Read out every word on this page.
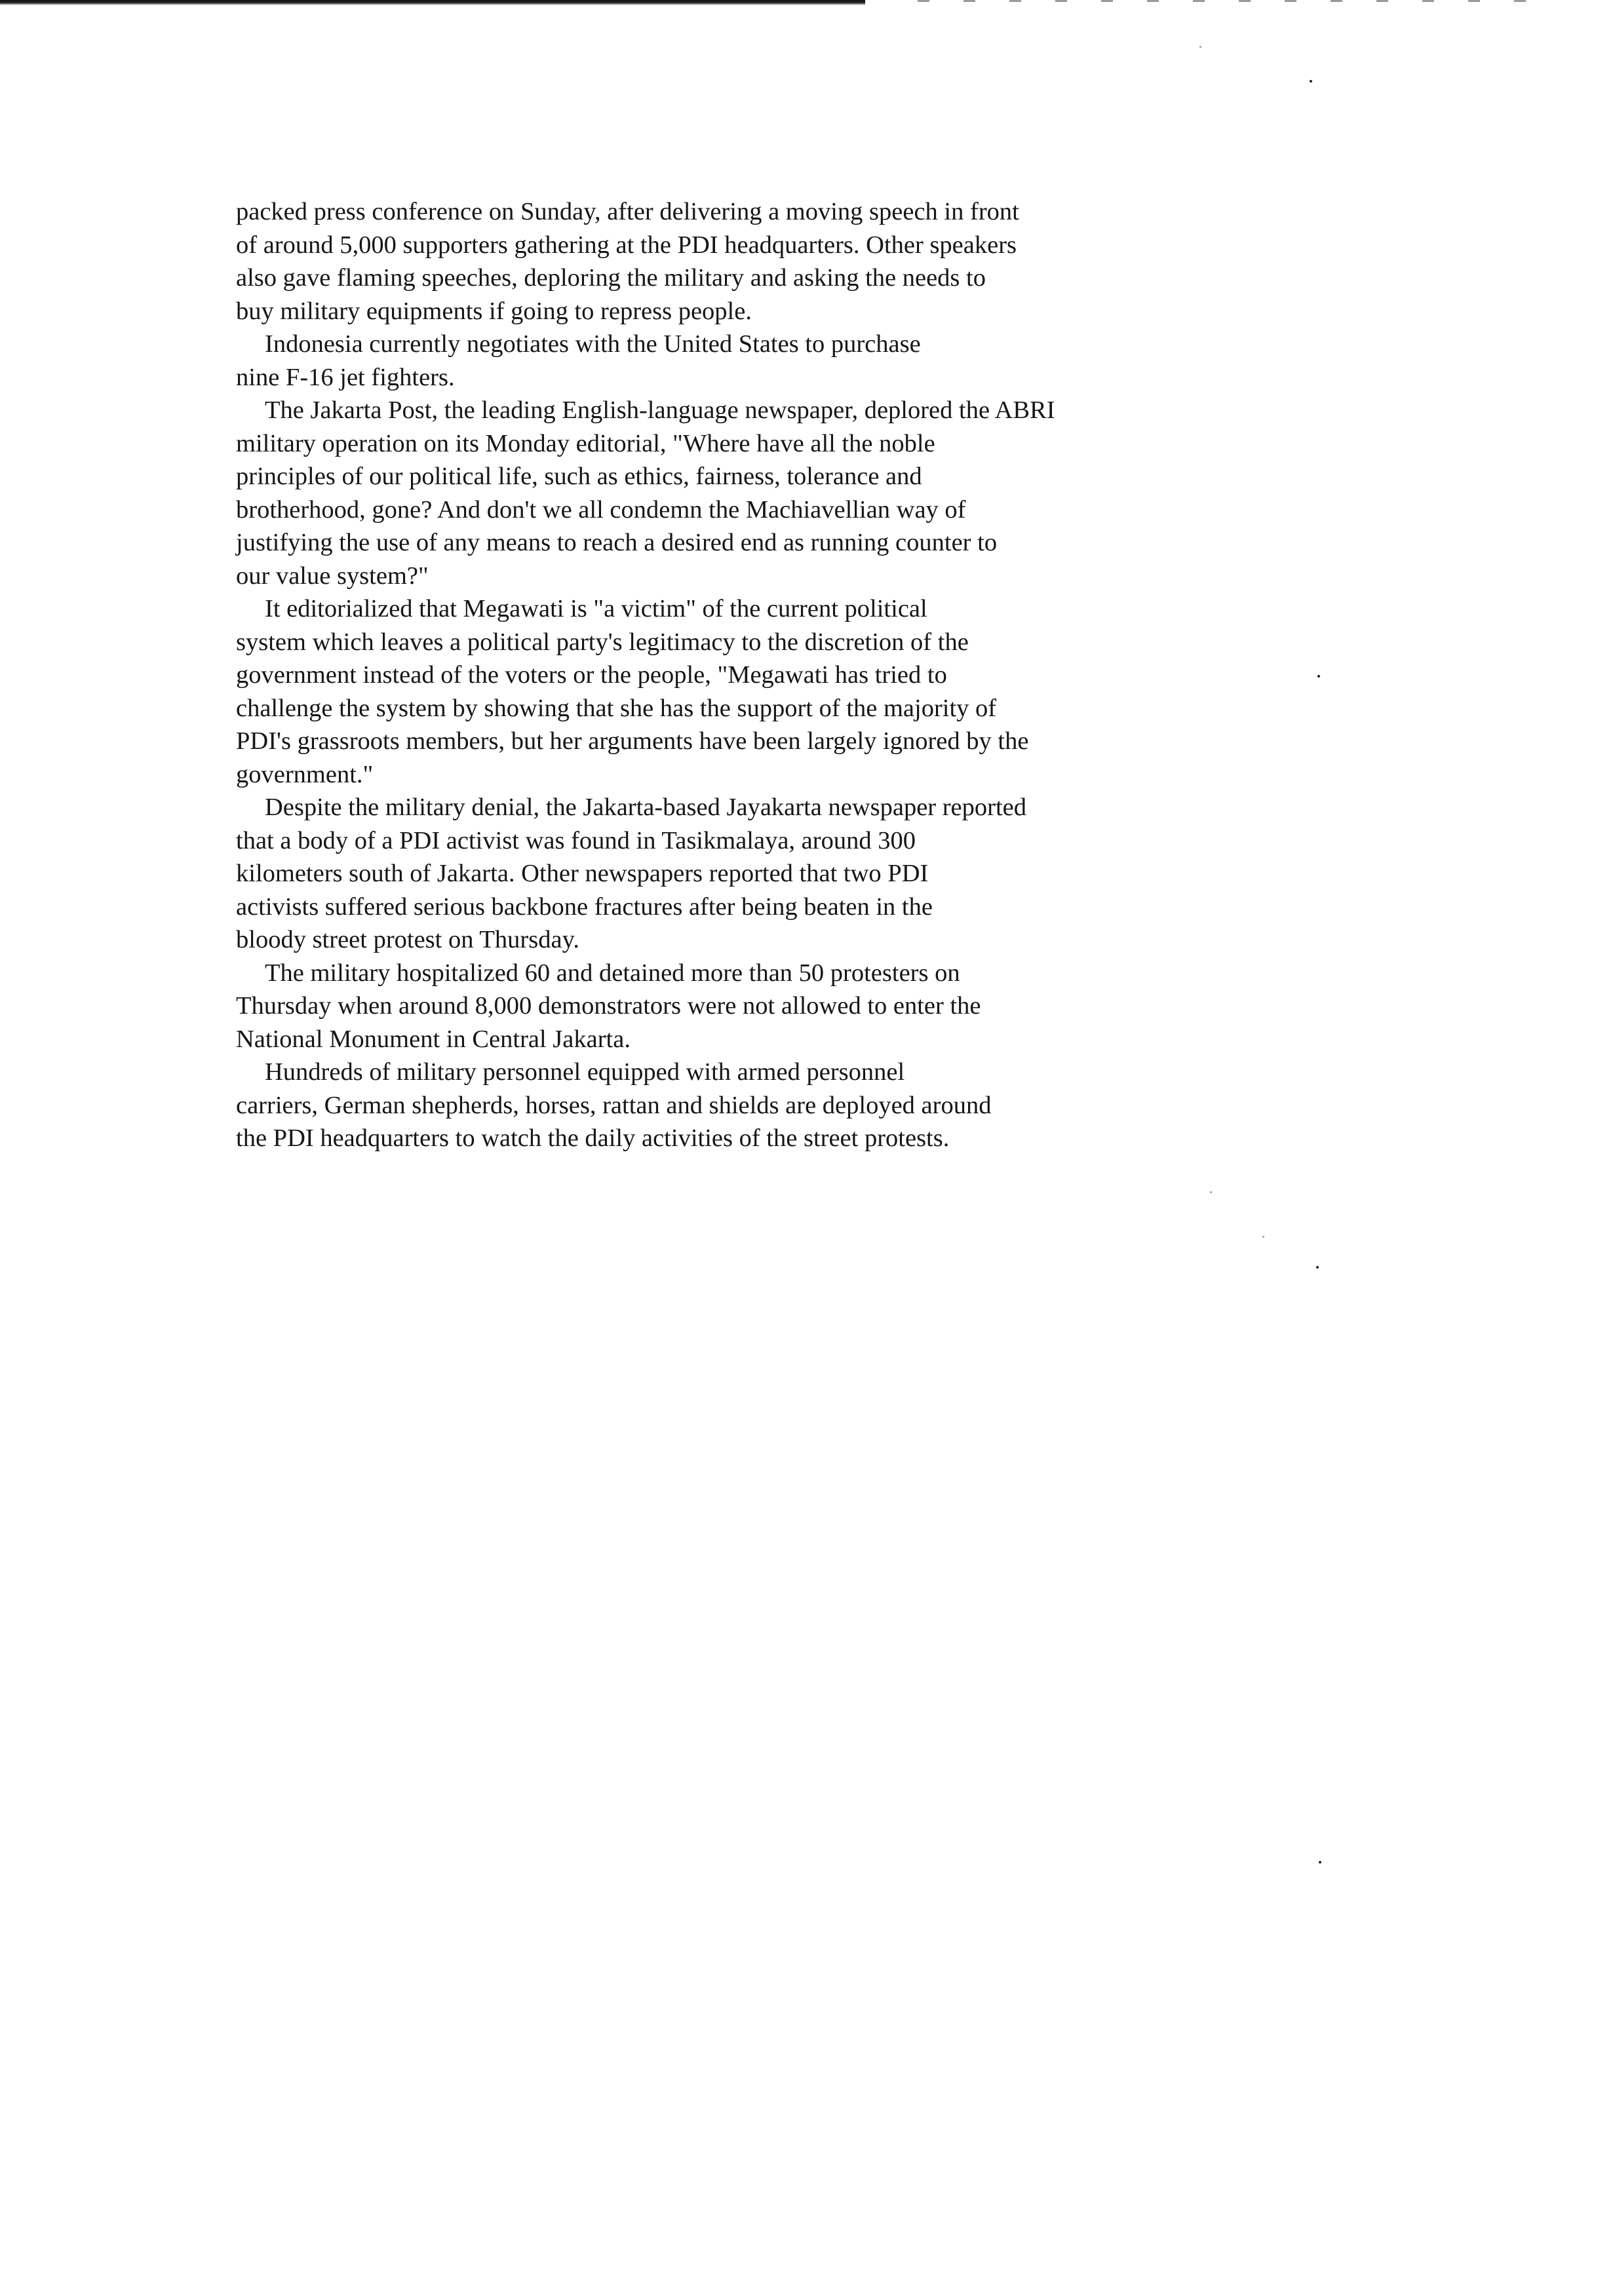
packed press conference on Sunday, after delivering a moving speech in front
of around 5,000 supporters gathering at the PDI headquarters. Other speakers
also gave flaming speeches, deploring the military and asking the needs to
buy military equipments if going to repress people.
Indonesia currently negotiates with the United States to purchase
nine F-16 jet fighters.
The Jakarta Post, the leading English-language newspaper, deplored the ABRI
military operation on its Monday editorial, "Where have all the noble
principles of our political life, such as ethics, fairness, tolerance and
brotherhood, gone? And don't we all condemn the Machiavellian way of
justifying the use of any means to reach a desired end as running counter to
our value system?"
It editorialized that Megawati is "a victim" of the current political
system which leaves a political party's legitimacy to the discretion of the
government instead of the voters or the people, "Megawati has tried to
challenge the system by showing that she has the support of the majority of
PDI's grassroots members, but her arguments have been largely ignored by the
government."
Despite the military denial, the Jakarta-based Jayakarta newspaper reported
that a body of a PDI activist was found in Tasikmalaya, around 300
kilometers south of Jakarta. Other newspapers reported that two PDI
activists suffered serious backbone fractures after being beaten in the
bloody street protest on Thursday.
The military hospitalized 60 and detained more than 50 protesters on
Thursday when around 8,000 demonstrators were not allowed to enter the
National Monument in Central Jakarta.
Hundreds of military personnel equipped with armed personnel
carriers, German shepherds, horses, rattan and shields are deployed around
the PDI headquarters to watch the daily activities of the street protests.
